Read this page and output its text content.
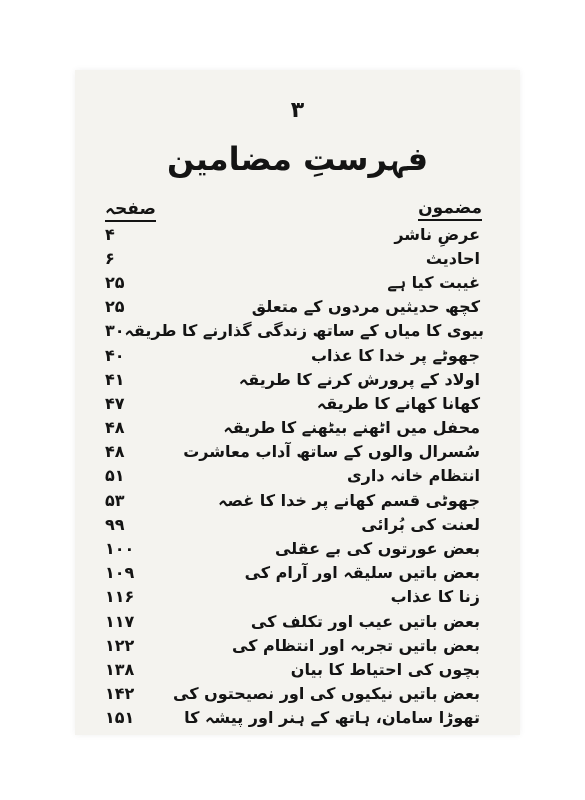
۳
فہرستِ مضامین
مضمون
صفحہ
۴	عرضِ ناشر
۶	احادیث
۲۵	غیبت کیا ہے
۲۵	کچھ حدیثیں مردوں کے متعلق
۳۰ بیوی کا میاں کے ساتھ زندگی گذارنے کا طریقہ
۴۰	جھوٹے پر خدا کا عذاب
۴۱	اولاد کے پرورش کرنے کا طریقہ
۴۷	کھانا کھانے کا طریقہ
۴۸	محفل میں اٹھنے بیٹھنے کا طریقہ
۴۸	سُسرال والوں کے ساتھ آداب معاشرت
۵۱	انتظام خانہ داری
۵۳	جھوٹی قسم کھانے پر خدا کا غصہ
۹۹	لعنت کی بُرائی
۱۰۰	بعض عورتوں کی بے عقلی
۱۰۹	بعض باتیں سلیقہ اور آرام کی
۱۱۶	زنا کا عذاب
۱۱۷	بعض باتیں عیب اور تکلف کی
۱۲۲	بعض باتیں تجربہ اور انتظام کی
۱۳۸	بچوں کی احتیاط کا بیان
۱۴۲	بعض باتیں نیکیوں کی اور نصیحتوں کی
۱۵۱	تھوڑا سامان، ہاتھ کے ہنر اور پیشہ کا
